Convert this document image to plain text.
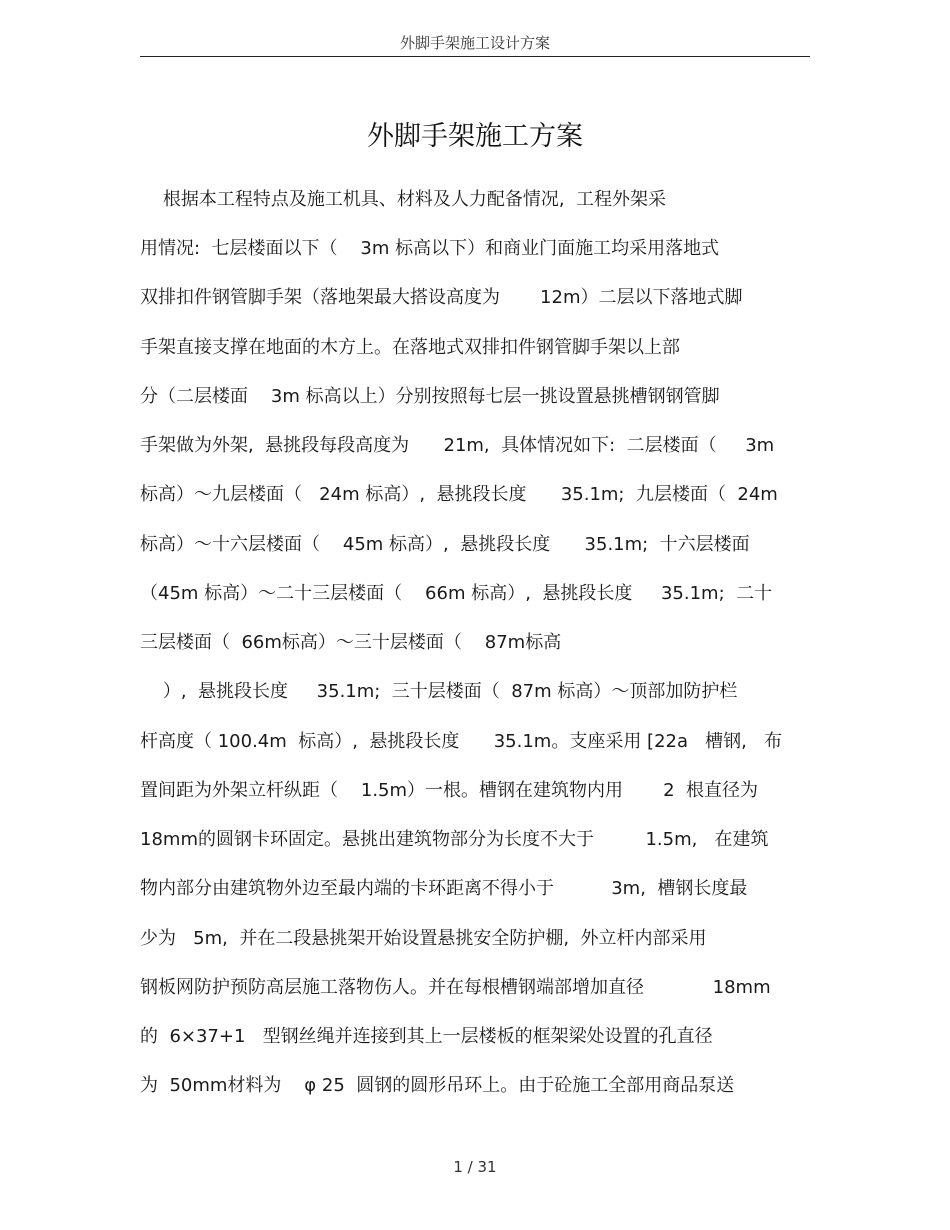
外脚手架施工设计方案
外脚手架施工方案
根据本工程特点及施工机具、材料及人力配备情况,  工程外架采
用情况:  七层楼面以下（    3m 标高以下）和商业门面施工均采用落地式
双排扣件钢管脚手架（落地架最大搭设高度为       12m）二层以下落地式脚
手架直接支撑在地面的木方上。在落地式双排扣件钢管脚手架以上部
分（二层楼面    3m 标高以上）分别按照每七层一挑设置悬挑槽钢钢管脚
手架做为外架,  悬挑段每段高度为      21m,  具体情况如下:  二层楼面（     3m
标高）～九层楼面（   24m 标高）,  悬挑段长度      35.1m;  九层楼面（  24m
标高）～十六层楼面（    45m 标高）,  悬挑段长度      35.1m;  十六层楼面
（45m 标高）～二十三层楼面（    66m 标高）,  悬挑段长度     35.1m;  二十
三层楼面（  66m标高）～三十层楼面（    87m标高
）,  悬挑段长度     35.1m;  三十层楼面（  87m 标高）～顶部加防护栏
杆高度（ 100.4m  标高）,  悬挑段长度      35.1m。支座采用 [22a   槽钢,   布
置间距为外架立杆纵距（    1.5m）一根。槽钢在建筑物内用       2  根直径为
18mm的圆钢卡环固定。悬挑出建筑物部分为长度不大于         1.5m,   在建筑
物内部分由建筑物外边至最内端的卡环距离不得小于          3m,  槽钢长度最
少为   5m,  并在二段悬挑架开始设置悬挑安全防护棚,  外立杆内部采用
钢板网防护预防高层施工落物伤人。并在每根槽钢端部增加直径            18mm
的  6×37+1   型钢丝绳并连接到其上一层楼板的框架梁处设置的孔直径
为  50mm材料为    φ 25  圆钢的圆形吊环上。由于砼施工全部用商品泵送
1 / 31
